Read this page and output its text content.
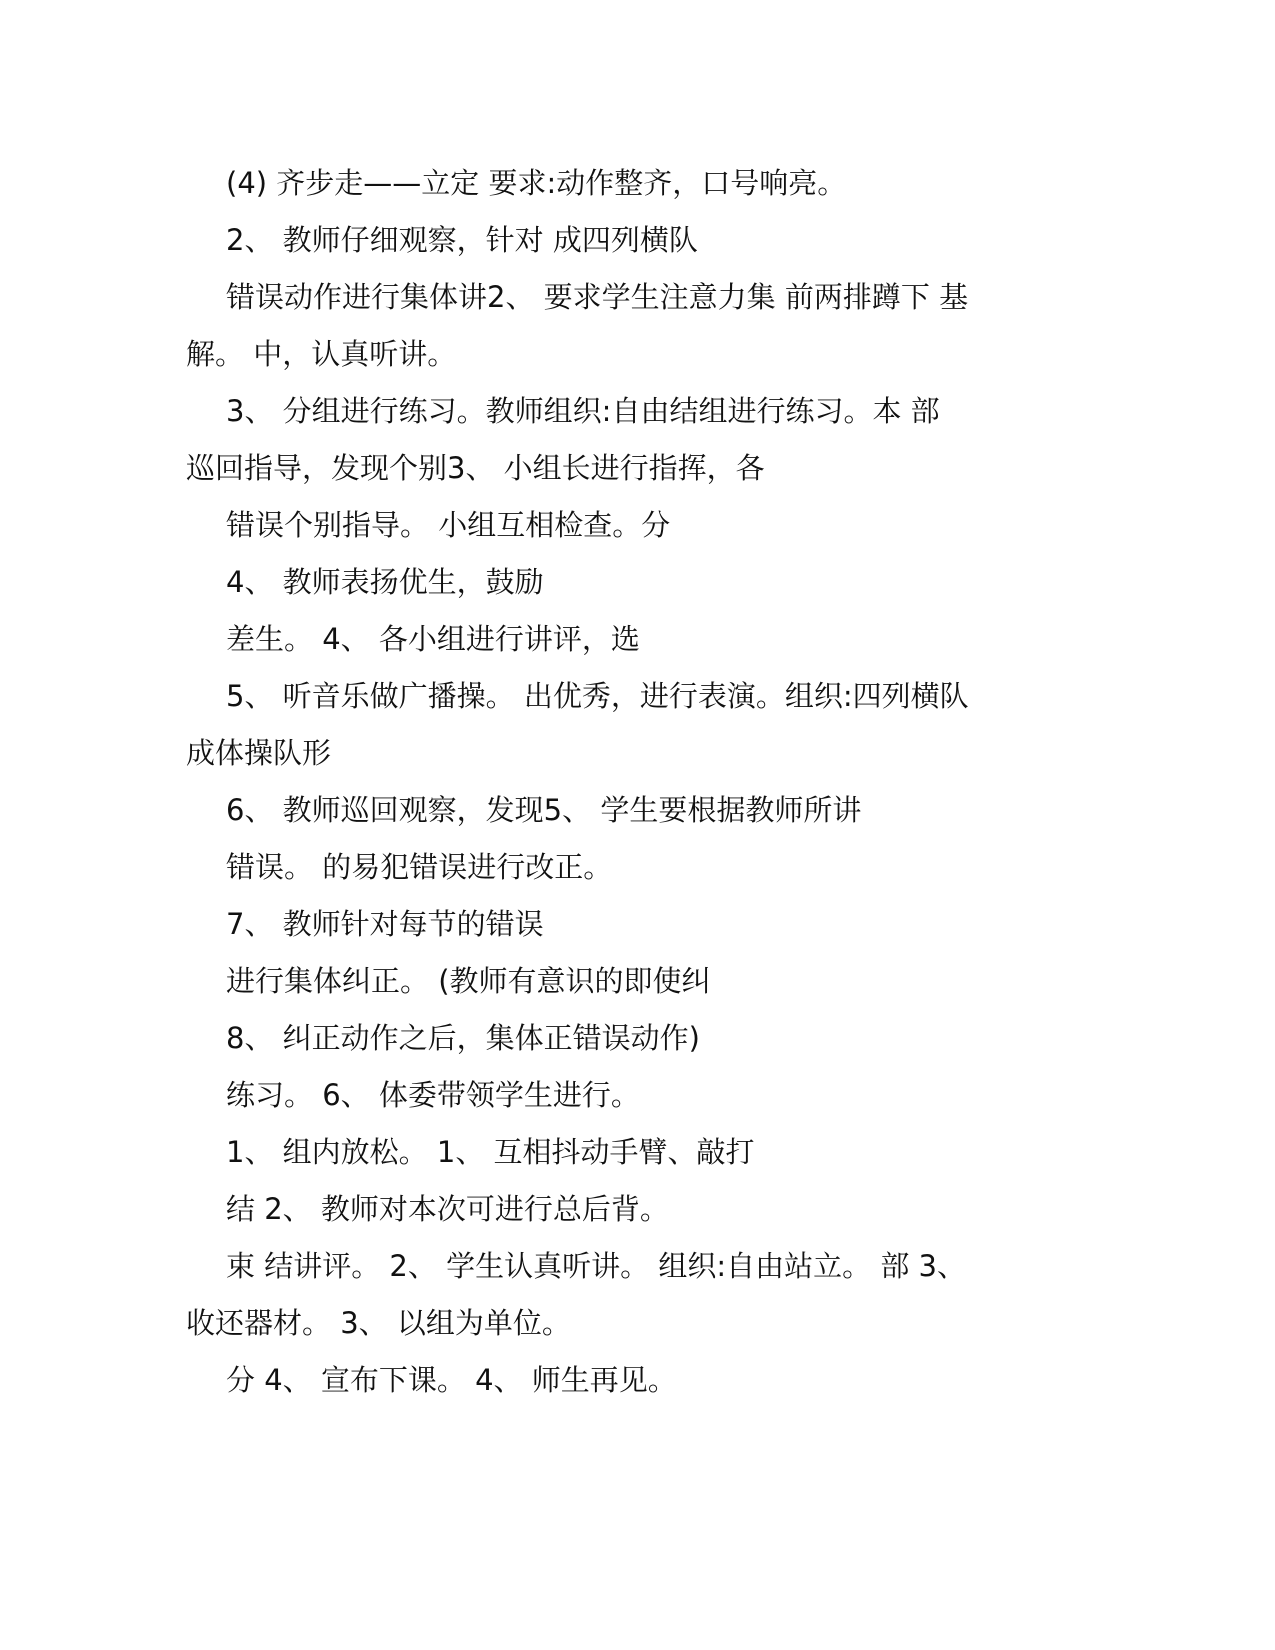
(4) 齐步走——立定 要求:动作整齐，口号响亮。
2、 教师仔细观察，针对 成四列横队
错误动作进行集体讲2、 要求学生注意力集 前两排蹲下 基
解。 中，认真听讲。
3、 分组进行练习。教师组织:自由结组进行练习。本 部
巡回指导，发现个别3、 小组长进行指挥，各
错误个别指导。 小组互相检查。分
4、 教师表扬优生，鼓励
差生。 4、 各小组进行讲评，选
5、 听音乐做广播操。 出优秀，进行表演。组织:四列横队
成体操队形
6、 教师巡回观察，发现5、 学生要根据教师所讲
错误。 的易犯错误进行改正。
7、 教师针对每节的错误
进行集体纠正。 (教师有意识的即使纠
8、 纠正动作之后，集体正错误动作)
练习。 6、 体委带领学生进行。
1、 组内放松。 1、 互相抖动手臂、敲打
结 2、 教师对本次可进行总后背。
束 结讲评。 2、 学生认真听讲。 组织:自由站立。 部 3、
收还器材。 3、 以组为单位。
分 4、 宣布下课。 4、 师生再见。
